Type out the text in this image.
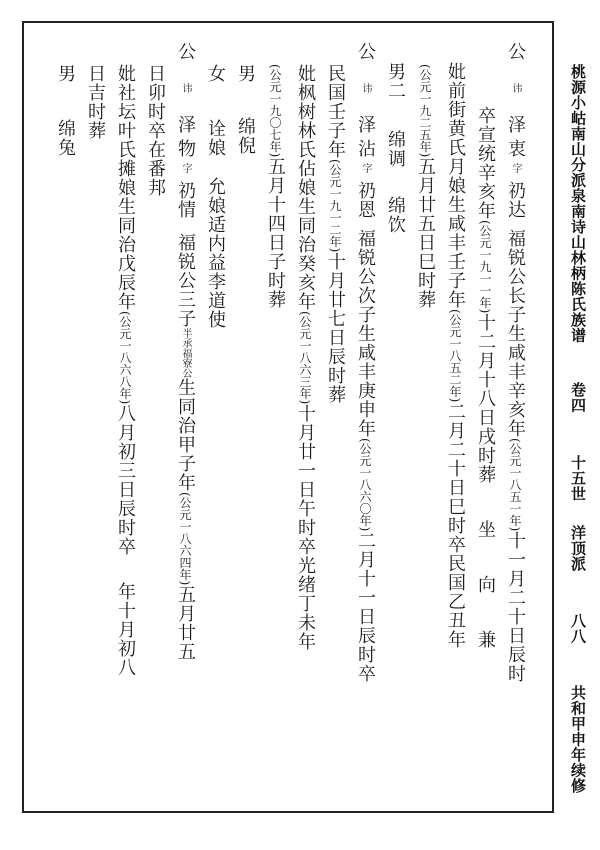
桃源小岵南山分派泉南诗山林柄陈氏族谱  卷四  十五世  洋顶派  八八  共和甲申年续修
公讳泽衷字礽达福锐公长子生咸丰辛亥年(公元一八五一年)十一月二十日辰时
卒宣统辛亥年(公元一九一一年)十二月十八日戌时葬坐向兼
妣前街黄氏月娘生咸丰壬子年(公元一八五二年)二月二十日巳时卒民国乙丑年
(公元一九二五年)五月廿五日巳时葬
男二绵调绵饮
公讳泽沾字礽恩福锐公次子生咸丰庚申年(公元一八六〇年)二月十一日辰时卒
民国壬子年(公元一九一二年)十月廿七日辰时葬
妣枫树林氏佔娘生同治癸亥年(公元一八六三年)十月廿一日午时卒光绪丁未年
(公元一九〇七年)五月十四日子时葬
男绵倪
女诠娘允娘适内益李道使
公讳泽物字礽情福锐公三子半承福寮公生同治甲子年(公元一八六四年)五月廿五
日卯时卒在番邦
妣社坛叶氏摊娘生同治戊辰年(公元一八六八年)八月初三日辰时卒年十月初八
日吉时葬
男绵兔
